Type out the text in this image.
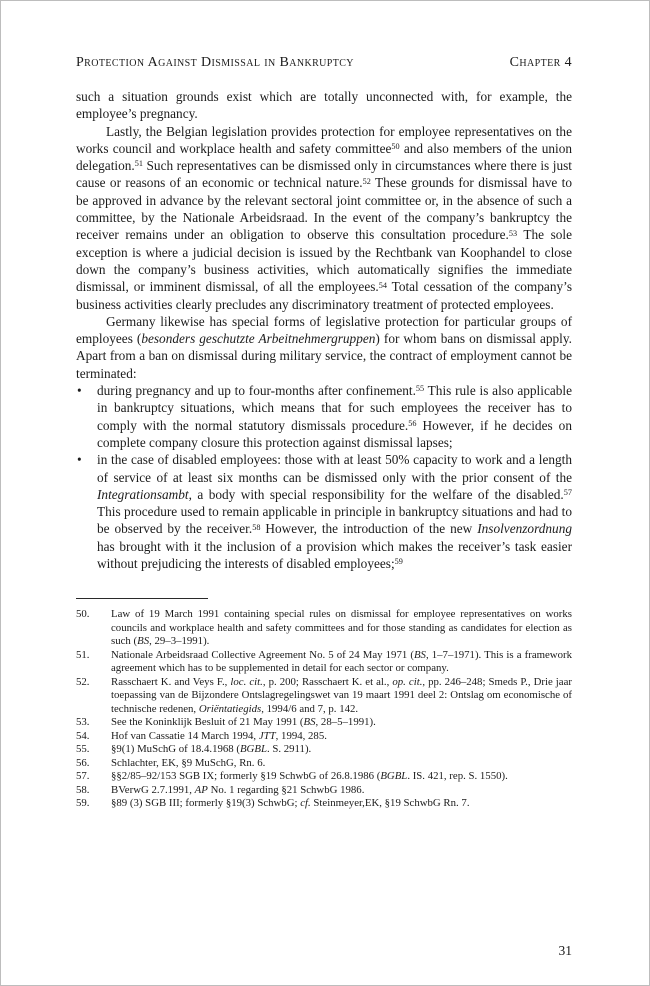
Protection Against Dismissal in Bankruptcy	Chapter 4

such a situation grounds exist which are totally unconnected with, for example, the employee’s pregnancy.

Lastly, the Belgian legislation provides protection for employee representatives on the works council and workplace health and safety committee$^{50}$ and also members of the union delegation.$^{51}$ Such representatives can be dismissed only in circumstances where there is just cause or reasons of an economic or technical nature.$^{52}$ These grounds for dismissal have to be approved in advance by the relevant sectoral joint committee or, in the absence of such a committee, by the Nationale Arbeidsraad. In the event of the company’s bankruptcy the receiver remains under an obligation to observe this consultation procedure.$^{53}$ The sole exception is where a judicial decision is issued by the Rechtbank van Koophandel to close down the company’s business activities, which automatically signifies the immediate dismissal, or imminent dismissal, of all the employees.$^{54}$ Total cessation of the company’s business activities clearly precludes any discriminatory treatment of protected employees.

Germany likewise has special forms of legislative protection for particular groups of employees (besonders geschutzte Arbeitnehmergruppen) for whom bans on dismissal apply. Apart from a ban on dismissal during military service, the contract of employment cannot be terminated:

• during pregnancy and up to four-months after confinement.$^{55}$ This rule is also applicable in bankruptcy situations, which means that for such employees the receiver has to comply with the normal statutory dismissals procedure.$^{56}$ However, if he decides on complete company closure this protection against dismissal lapses;
• in the case of disabled employees: those with at least 50% capacity to work and a length of service of at least six months can be dismissed only with the prior consent of the Integrationsambt, a body with special responsibility for the welfare of the disabled.$^{57}$ This procedure used to remain applicable in principle in bankruptcy situations and had to be observed by the receiver.$^{58}$ However, the introduction of the new Insolvenzordnung has brought with it the inclusion of a provision which makes the receiver’s task easier without prejudicing the interests of disabled employees;$^{59}$
50.	Law of 19 March 1991 containing special rules on dismissal for employee representatives on works councils and workplace health and safety committees and for those standing as candidates for election as such (BS, 29–3–1991).
51.	Nationale Arbeidsraad Collective Agreement No. 5 of 24 May 1971 (BS, 1–7–1971). This is a framework agreement which has to be supplemented in detail for each sector or company.
52.	Rasschaert K. and Veys F., loc. cit., p. 200; Rasschaert K. et al., op. cit., pp. 246–248; Smeds P., Drie jaar toepassing van de Bijzondere Ontslagregelingswet van 19 maart 1991 deel 2: Ontslag om economische of technische redenen, Oriëntatiegids, 1994/6 and 7, p. 142.
53.	See the Koninklijk Besluit of 21 May 1991 (BS, 28–5–1991).
54.	Hof van Cassatie 14 March 1994, JTT, 1994, 285.
55.	§9(1) MuSchG of 18.4.1968 (BGBL. S. 2911).
56.	Schlachter, EK, §9 MuSchG, Rn. 6.
57.	§§2/85–92/153 SGB IX; formerly §19 SchwbG of 26.8.1986 (BGBL. IS. 421, rep. S. 1550).
58.	BVerwG 2.7.1991, AP No. 1 regarding §21 SchwbG 1986.
59.	§89 (3) SGB III; formerly §19(3) SchwbG; cf. Steinmeyer,EK, §19 SchwbG Rn. 7.
31
